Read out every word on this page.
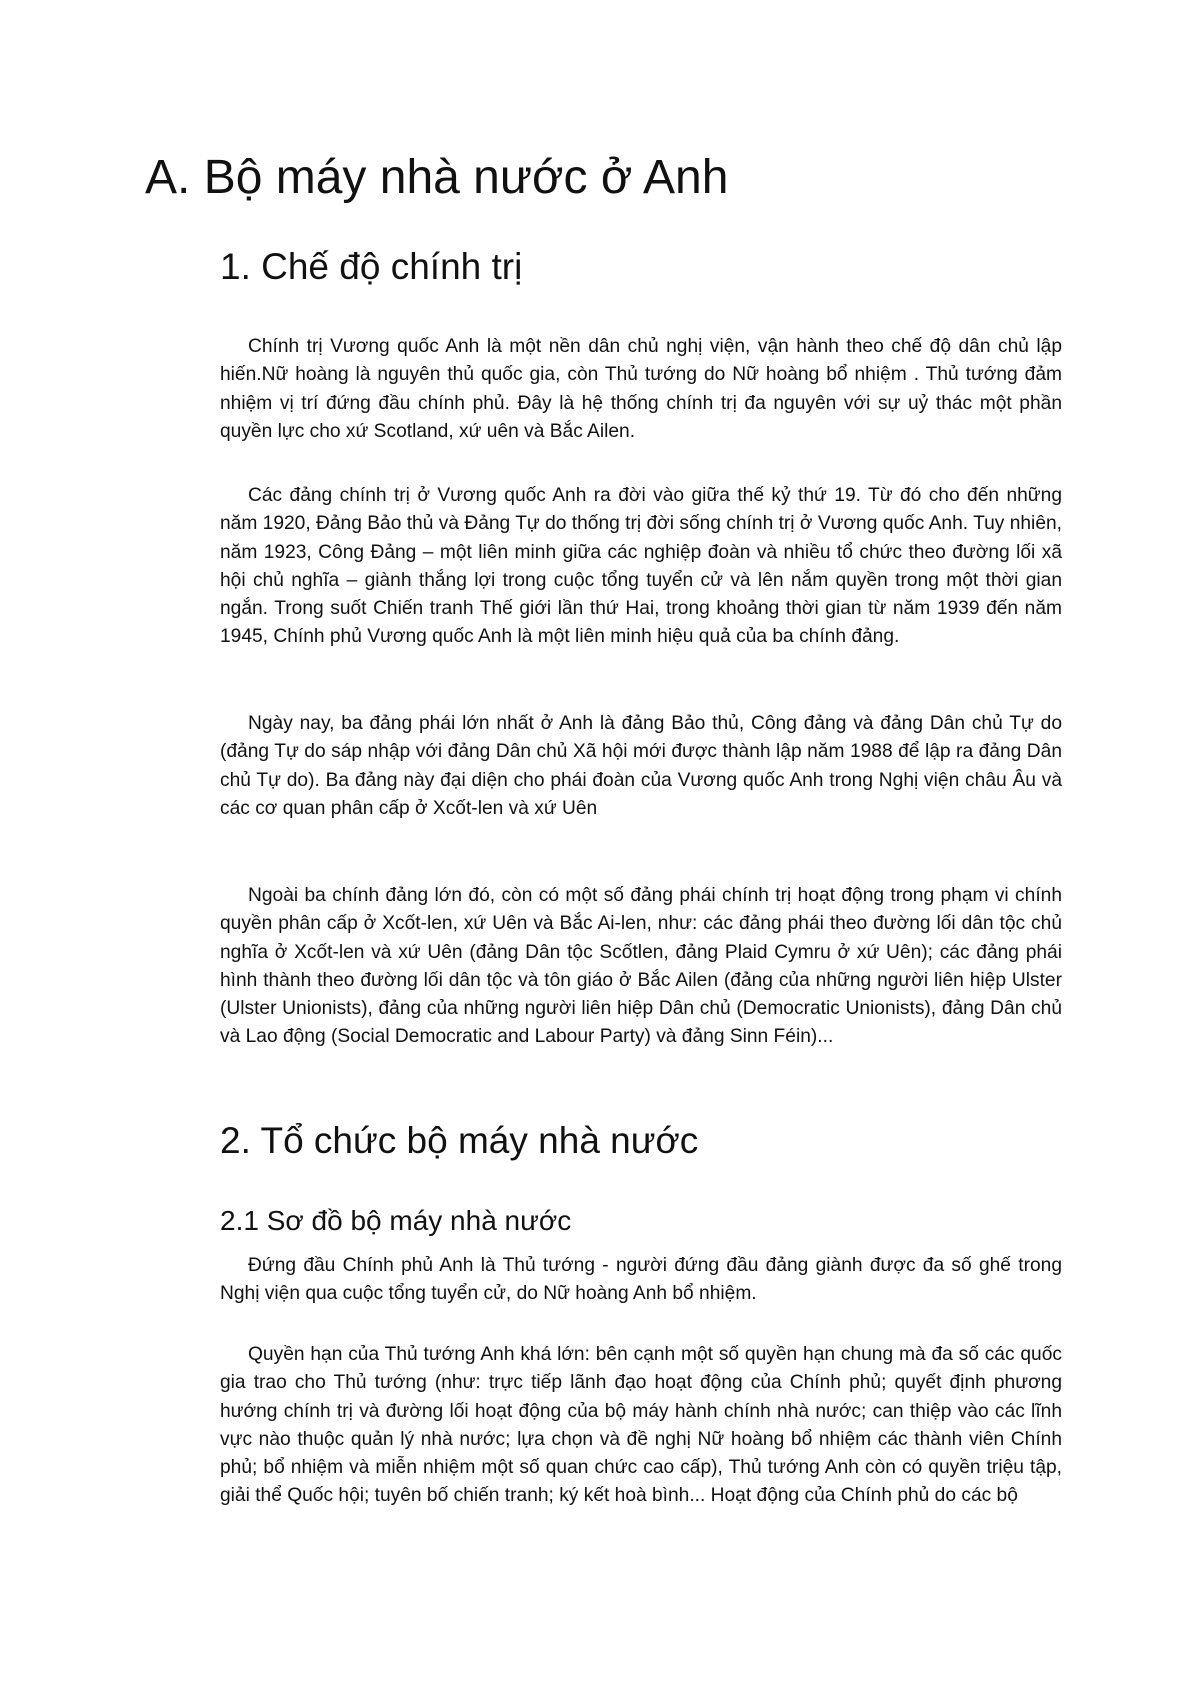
A. Bộ máy nhà nước ở Anh
1. Chế độ chính trị

Chính trị Vương quốc Anh là một nền dân chủ nghị viện, vận hành theo chế độ dân chủ lập hiến.Nữ hoàng là nguyên thủ quốc gia, còn Thủ tướng do Nữ hoàng bổ nhiệm . Thủ tướng đảm nhiệm vị trí đứng đầu chính phủ. Đây là hệ thống chính trị đa nguyên với sự uỷ thác một phần quyền lực cho xứ Scotland, xứ uên và Bắc Ailen.

Các đảng chính trị ở Vương quốc Anh ra đời vào giữa thế kỷ thứ 19. Từ đó cho đến những năm 1920, Đảng Bảo thủ và Đảng Tự do thống trị đời sống chính trị ở Vương quốc Anh. Tuy nhiên, năm 1923, Công Đảng – một liên minh giữa các nghiệp đoàn và nhiều tổ chức theo đường lối xã hội chủ nghĩa – giành thắng lợi trong cuộc tổng tuyển cử và lên nắm quyền trong một thời gian ngắn. Trong suốt Chiến tranh Thế giới lần thứ Hai, trong khoảng thời gian từ năm 1939 đến năm 1945, Chính phủ Vương quốc Anh là một liên minh hiệu quả của ba chính đảng.

Ngày nay, ba đảng phái lớn nhất ở Anh là đảng Bảo thủ, Công đảng và đảng Dân chủ Tự do (đảng Tự do sáp nhập với đảng Dân chủ Xã hội mới được thành lập năm 1988 để lập ra đảng Dân chủ Tự do). Ba đảng này đại diện cho phái đoàn của Vương quốc Anh trong Nghị viện châu Âu và các cơ quan phân cấp ở Xcốt-len và xứ Uên

Ngoài ba chính đảng lớn đó, còn có một số đảng phái chính trị hoạt động trong phạm vi chính quyền phân cấp ở Xcốt-len, xứ Uên và Bắc Ai-len, như: các đảng phái theo đường lối dân tộc chủ nghĩa ở Xcốt-len và xứ Uên (đảng Dân tộc Scốtlen, đảng Plaid Cymru ở xứ Uên); các đảng phái hình thành theo đường lối dân tộc và tôn giáo ở Bắc Ailen (đảng của những người liên hiệp Ulster (Ulster Unionists), đảng của những người liên hiệp Dân chủ (Democratic Unionists), đảng Dân chủ và Lao động (Social Democratic and Labour Party) và đảng Sinn Féin)...

2. Tổ chức bộ máy nhà nước
2.1 Sơ đồ bộ máy nhà nước

Đứng đầu Chính phủ Anh là Thủ tướng - người đứng đầu đảng giành được đa số ghế trong Nghị viện qua cuộc tổng tuyển cử, do Nữ hoàng Anh bổ nhiệm.

Quyền hạn của Thủ tướng Anh khá lớn: bên cạnh một số quyền hạn chung mà đa số các quốc gia trao cho Thủ tướng (như: trực tiếp lãnh đạo hoạt động của Chính phủ; quyết định phương hướng chính trị và đường lối hoạt động của bộ máy hành chính nhà nước; can thiệp vào các lĩnh vực nào thuộc quản lý nhà nước; lựa chọn và đề nghị Nữ hoàng bổ nhiệm các thành viên Chính phủ; bổ nhiệm và miễn nhiệm một số quan chức cao cấp), Thủ tướng Anh còn có quyền triệu tập, giải thể Quốc hội; tuyên bố chiến tranh; ký kết hoà bình... Hoạt động của Chính phủ do các bộ
